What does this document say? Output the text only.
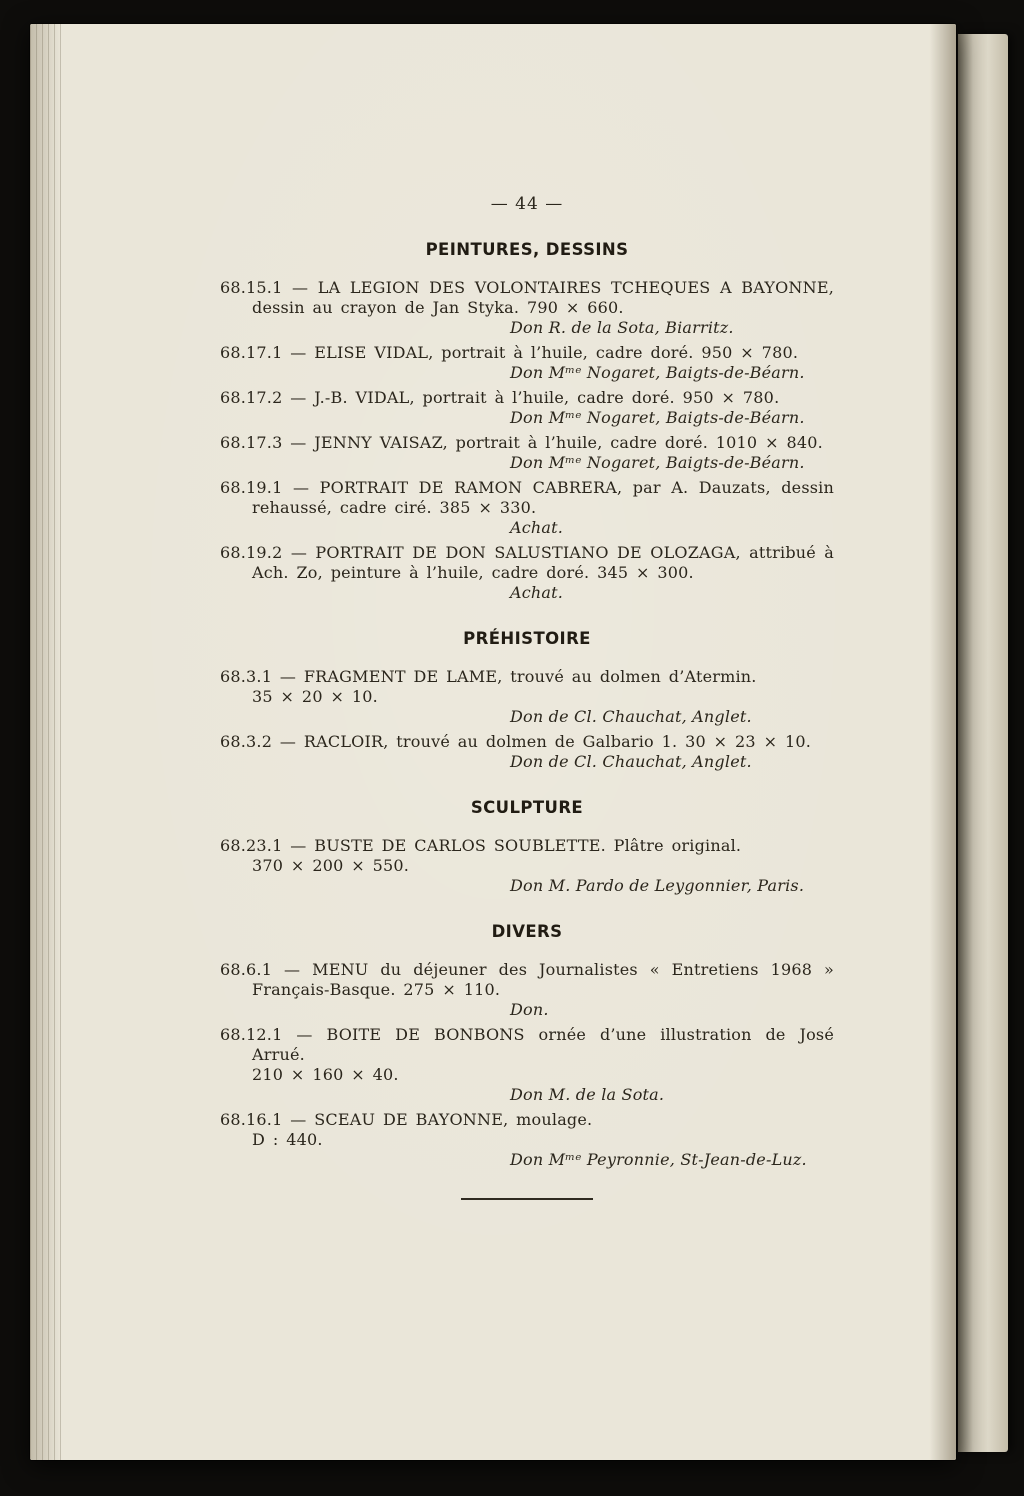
— 44 —
PEINTURES, DESSINS

68.15.1 — LA LEGION DES VOLONTAIRES TCHEQUES A BAYONNE, dessin au crayon de Jan Styka. 790 × 660.

Don R. de la Sota, Biarritz.

68.17.1 — ELISE VIDAL, portrait à l’huile, cadre doré. 950 × 780.

Don Mᵐᵉ Nogaret, Baigts-de-Béarn.

68.17.2 — J.-B. VIDAL, portrait à l’huile, cadre doré. 950 × 780.

Don Mᵐᵉ Nogaret, Baigts-de-Béarn.

68.17.3 — JENNY VAISAZ, portrait à l’huile, cadre doré. 1010 × 840.

Don Mᵐᵉ Nogaret, Baigts-de-Béarn.

68.19.1 — PORTRAIT DE RAMON CABRERA, par A. Dauzats, dessin rehaussé, cadre ciré. 385 × 330.

Achat.

68.19.2 — PORTRAIT DE DON SALUSTIANO DE OLOZAGA, attribué à Ach. Zo, peinture à l’huile, cadre doré. 345 × 300.

Achat.

PRÉHISTOIRE

68.3.1 — FRAGMENT DE LAME, trouvé au dolmen d’Atermin.

35 × 20 × 10.

Don de Cl. Chauchat, Anglet.

68.3.2 — RACLOIR, trouvé au dolmen de Galbario 1. 30 × 23 × 10.

Don de Cl. Chauchat, Anglet.

SCULPTURE

68.23.1 — BUSTE DE CARLOS SOUBLETTE. Plâtre original.

370 × 200 × 550.

Don M. Pardo de Leygonnier, Paris.

DIVERS

68.6.1 — MENU du déjeuner des Journalistes « Entretiens 1968 » Français-Basque. 275 × 110.

Don.

68.12.1 — BOITE DE BONBONS ornée d’une illustration de José Arrué.

210 × 160 × 40.

Don M. de la Sota.

68.16.1 — SCEAU DE BAYONNE, moulage.

D : 440.

Don Mᵐᵉ Peyronnie, St-Jean-de-Luz.
